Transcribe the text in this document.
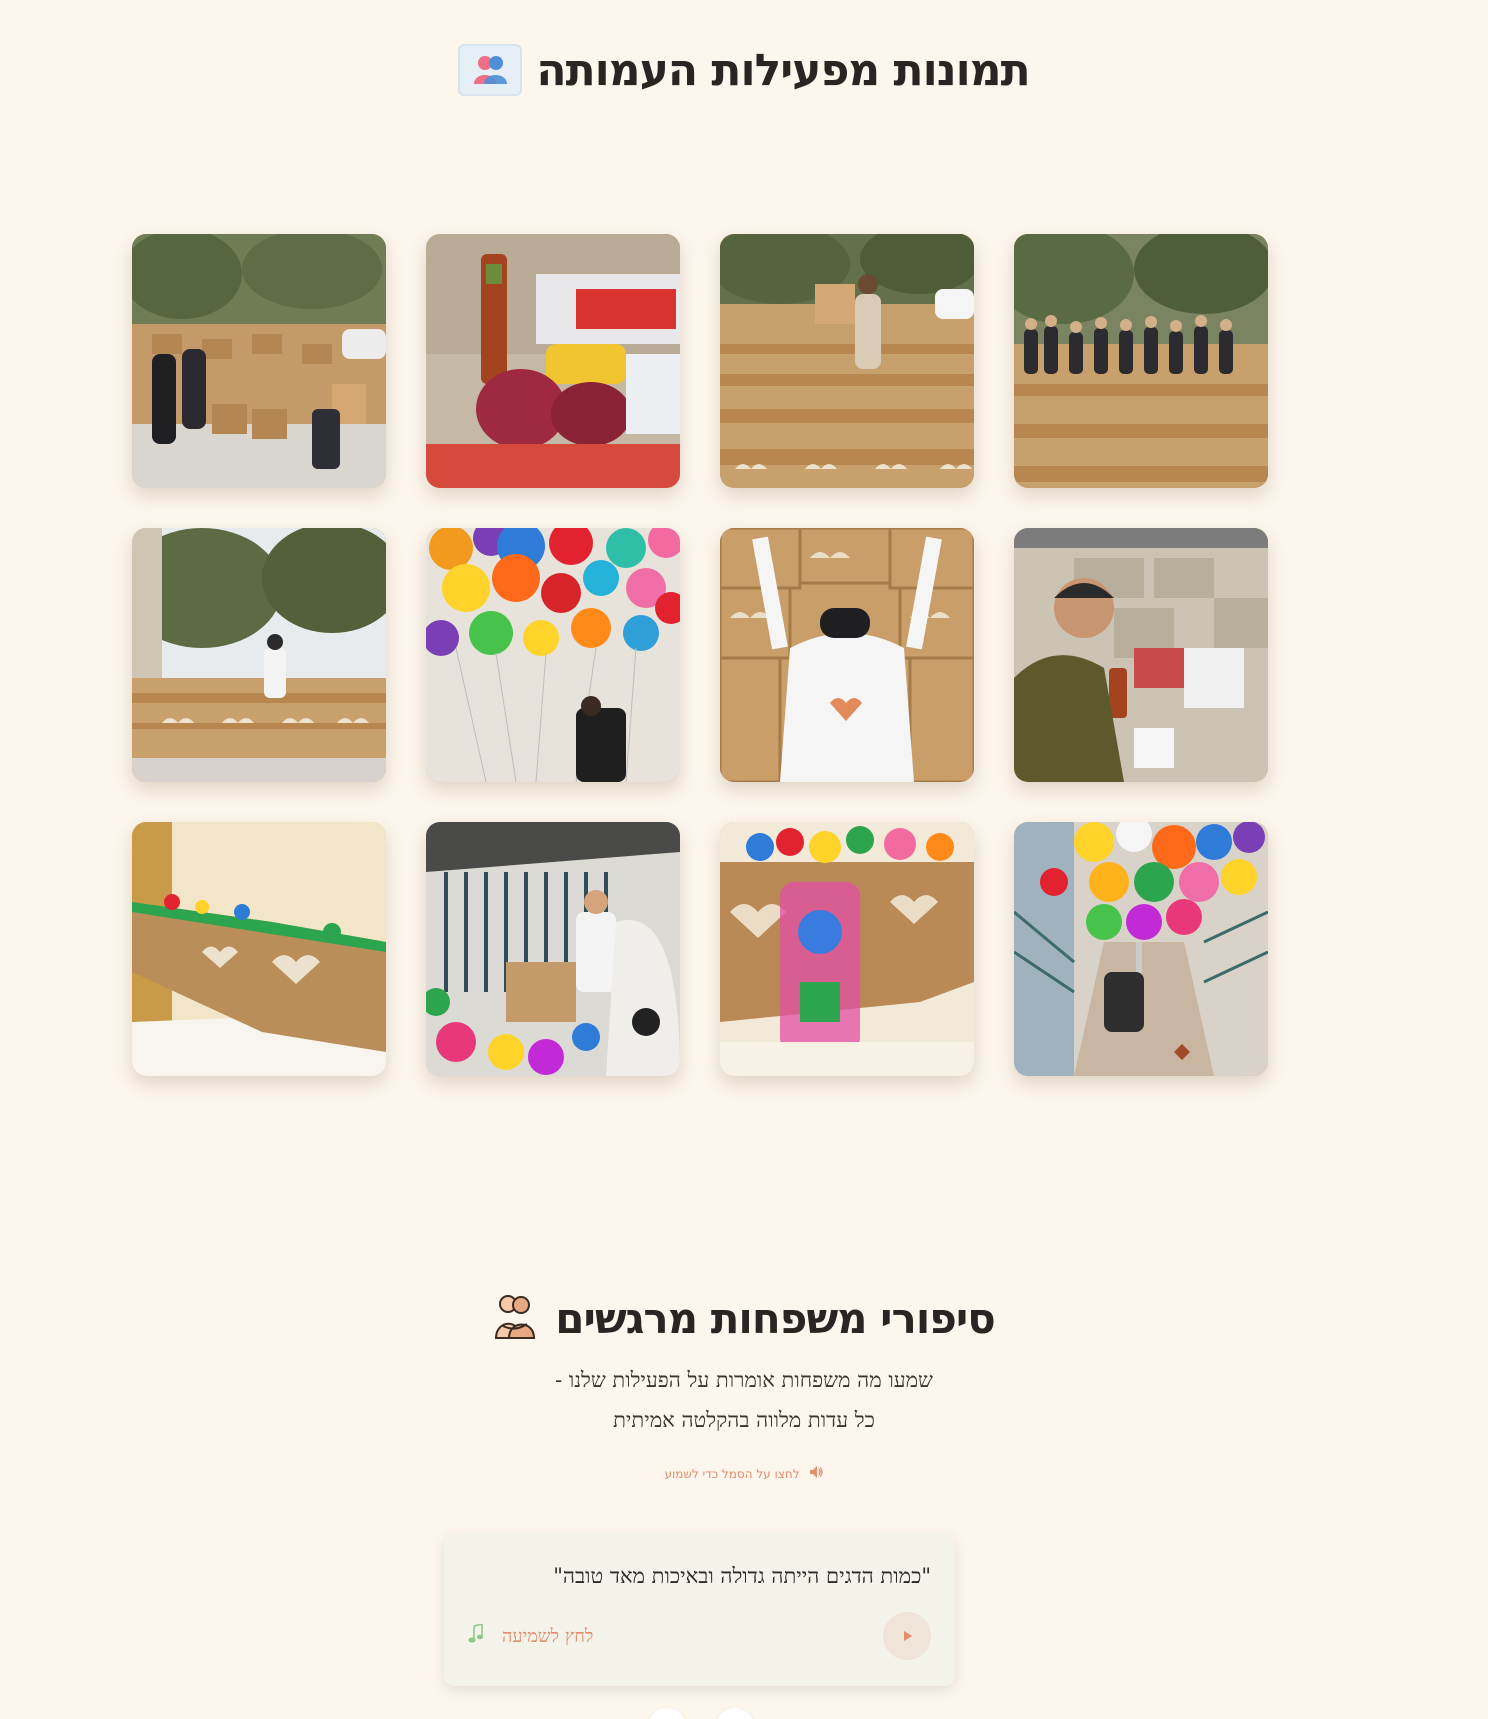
תמונות מפעילות העמותה
סיפורי משפחות מרגשים
שמעו מה משפחות אומרות על הפעילות שלנו -
כל עדות מלווה בהקלטה אמיתית
לחצו על הסמל כדי לשמוע
"כמות הדגים הייתה גדולה ובאיכות מאד טובה"
לחץ לשמיעה
